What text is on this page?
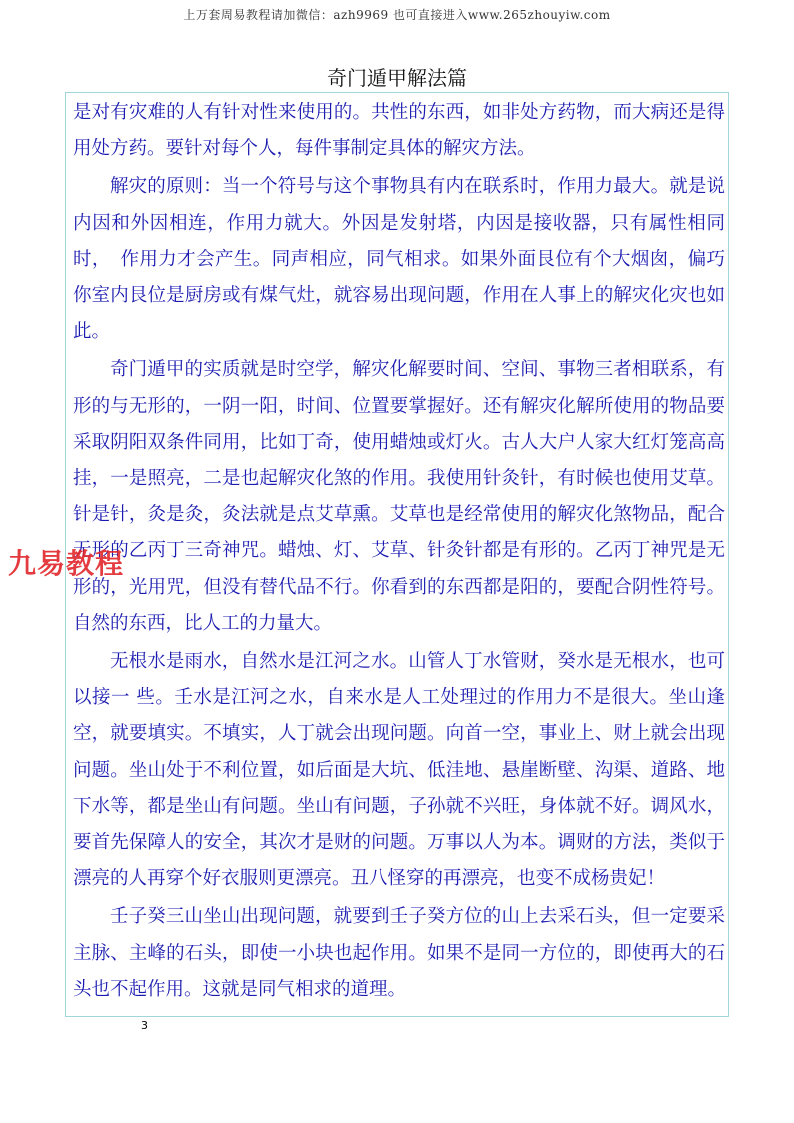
上万套周易教程请加微信：azh9969 也可直接进入www.265zhouyiw.com
奇门遁甲解法篇

是对有灾难的人有针对性来使用的。共性的东西，如非处方药物，而大病还是得用处方药。要针对每个人，每件事制定具体的解灾方法。

解灾的原则：当一个符号与这个事物具有内在联系时，作用力最大。就是说内因和外因相连，作用力就大。外因是发射塔，内因是接收器，只有属性相同时，　作用力才会产生。同声相应，同气相求。如果外面艮位有个大烟囱，偏巧你室内艮位是厨房或有煤气灶，就容易出现问题，作用在人事上的解灾化灾也如此。

奇门遁甲的实质就是时空学，解灾化解要时间、空间、事物三者相联系，有形的与无形的，一阴一阳，时间、位置要掌握好。还有解灾化解所使用的物品要采取阴阳双条件同用，比如丁奇，使用蜡烛或灯火。古人大户人家大红灯笼高高挂，一是照亮，二是也起解灾化煞的作用。我使用针灸针，有时候也使用艾草。针是针，灸是灸，灸法就是点艾草熏。艾草也是经常使用的解灾化煞物品，配合无形的乙丙丁三奇神咒。蜡烛、灯、艾草、针灸针都是有形的。乙丙丁神咒是无形的，光用咒，但没有替代品不行。你看到的东西都是阳的，要配合阴性符号。自然的东西，比人工的力量大。

无根水是雨水，自然水是江河之水。山管人丁水管财，癸水是无根水，也可以接一 些。壬水是江河之水，自来水是人工处理过的作用力不是很大。坐山逢空，就要填实。不填实，人丁就会出现问题。向首一空，事业上、财上就会出现问题。坐山处于不利位置，如后面是大坑、低洼地、悬崖断壁、沟渠、道路、地下水等，都是坐山有问题。坐山有问题，子孙就不兴旺，身体就不好。调风水，要首先保障人的安全，其次才是财的问题。万事以人为本。调财的方法，类似于漂亮的人再穿个好衣服则更漂亮。丑八怪穿的再漂亮，也变不成杨贵妃！

壬子癸三山坐山出现问题，就要到壬子癸方位的山上去采石头，但一定要采主脉、主峰的石头，即使一小块也起作用。如果不是同一方位的，即使再大的石头也不起作用。这就是同气相求的道理。

九易教程
3
